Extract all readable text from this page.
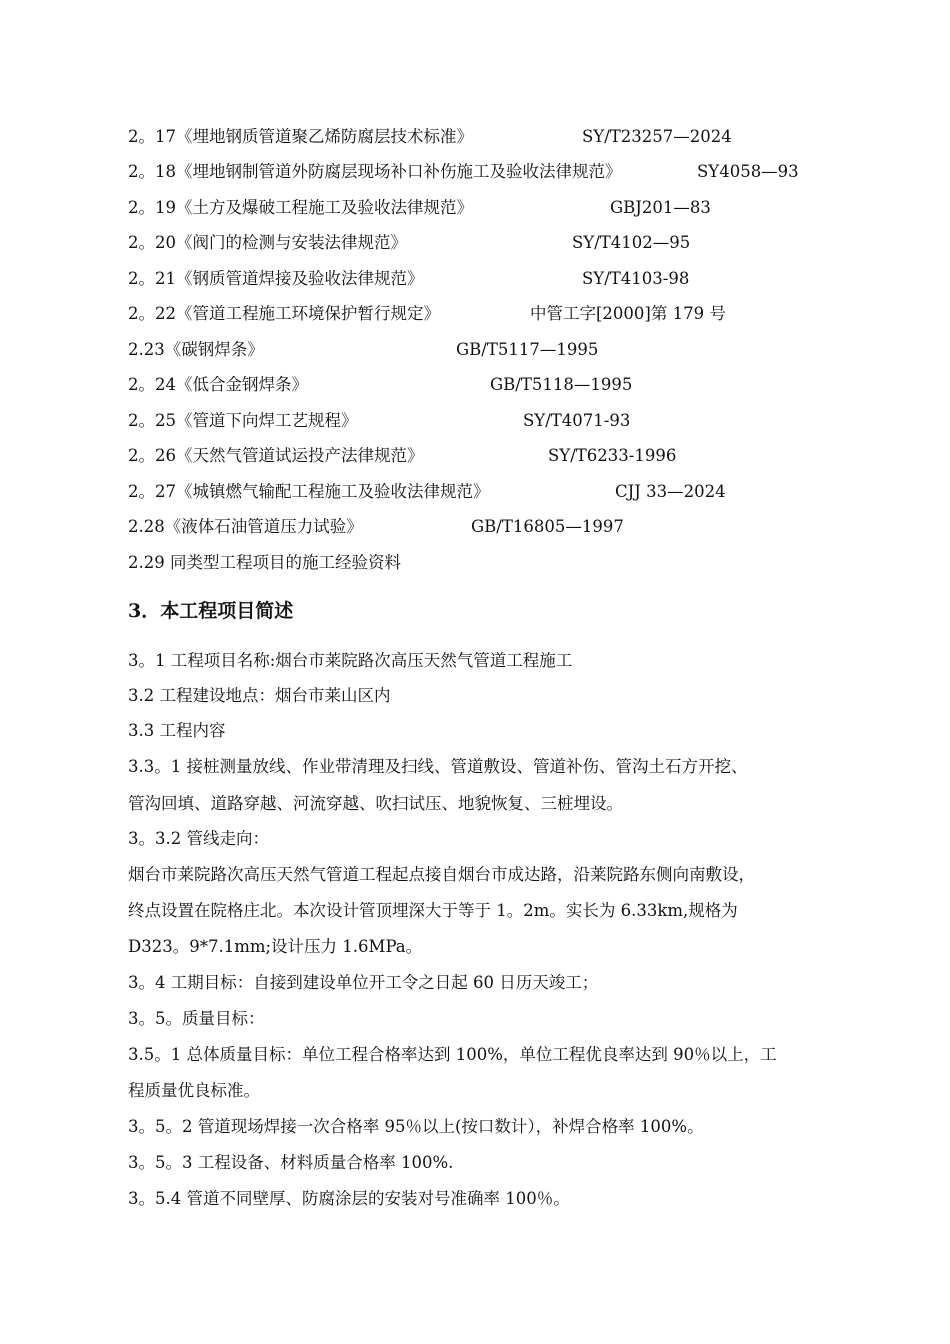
2。17《埋地钢质管道聚乙烯防腐层技术标准》	SY/T23257—2024
2。18《埋地钢制管道外防腐层现场补口补伤施工及验收法律规范》	SY4058—93
2。19《土方及爆破工程施工及验收法律规范》	GBJ201—83
2。20《阀门的检测与安装法律规范》	SY/T4102—95
2。21《钢质管道焊接及验收法律规范》	SY/T4103-98
2。22《管道工程施工环境保护暂行规定》	中管工字[2000]第 179 号
2.23《碳钢焊条》	GB/T5117—1995
2。24《低合金钢焊条》	GB/T5118—1995
2。25《管道下向焊工艺规程》	SY/T4071-93
2。26《天然气管道试运投产法律规范》	SY/T6233-1996
2。27《城镇燃气输配工程施工及验收法律规范》	CJJ 33—2024
2.28《液体石油管道压力试验》	GB/T16805—1997
2.29 同类型工程项目的施工经验资料
3．本工程项目简述
3。1 工程项目名称:烟台市莱院路次高压天然气管道工程施工
3.2 工程建设地点：烟台市莱山区内
3.3 工程内容
3.3。1 接桩测量放线、作业带清理及扫线、管道敷设、管道补伤、管沟土石方开挖、
管沟回填、道路穿越、河流穿越、吹扫试压、地貌恢复、三桩埋设。
3。3.2 管线走向：
烟台市莱院路次高压天然气管道工程起点接自烟台市成达路，沿莱院路东侧向南敷设，
终点设置在院格庄北。本次设计管顶埋深大于等于 1。2m。实长为 6.33km,规格为
D323。9*7.1mm;设计压力 1.6MPa。
3。4 工期目标：自接到建设单位开工令之日起 60 日历天竣工；
3。5。质量目标：
3.5。1 总体质量目标：单位工程合格率达到 100%，单位工程优良率达到 90％以上，工
程质量优良标准。
3。5。2 管道现场焊接一次合格率 95％以上(按口数计），补焊合格率 100%。
3。5。3 工程设备、材料质量合格率 100%.
3。5.4 管道不同壁厚、防腐涂层的安装对号准确率 100％。
